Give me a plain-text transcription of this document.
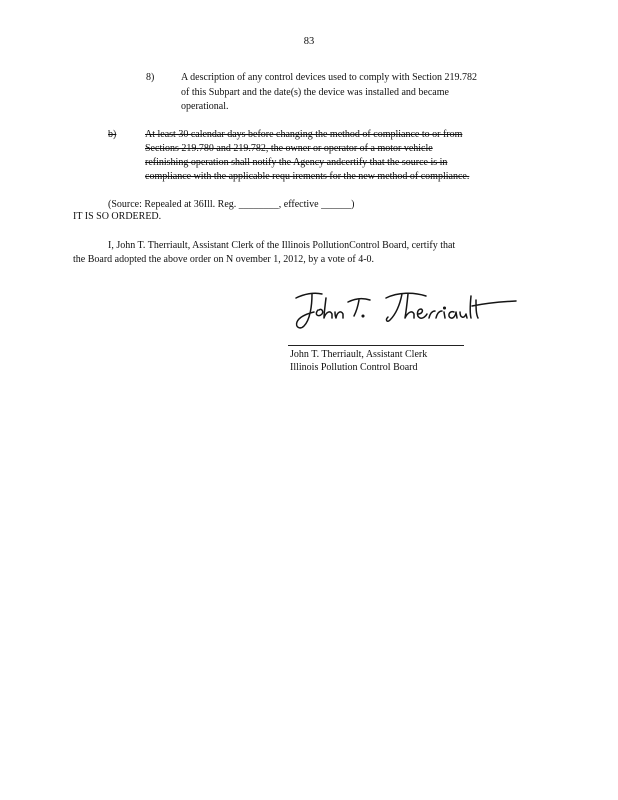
83
8)	A description of any control devices used to comply with Section 219.782
of this Subpart and the date(s) the device was installed and became
operational.
b)	At least 30 calendar days before changing the method of compliance to or from
Sections 219.780 and 219.782, the owner or operator of a motor vehicle
refinishing operation shall notify the Agency andcertify that the source is in
compliance with the applicable requ irements for the new method of compliance.
(Source: Repealed at 36Ill. Reg. ________, effective ______)
IT IS SO ORDERED.
I, John T. Therriault, Assistant Clerk of the Illinois PollutionControl Board, certify that
the Board adopted the above order on N ovember 1, 2012, by a vote of 4-0.
John T. Therriault, Assistant Clerk
Illinois Pollution Control Board
